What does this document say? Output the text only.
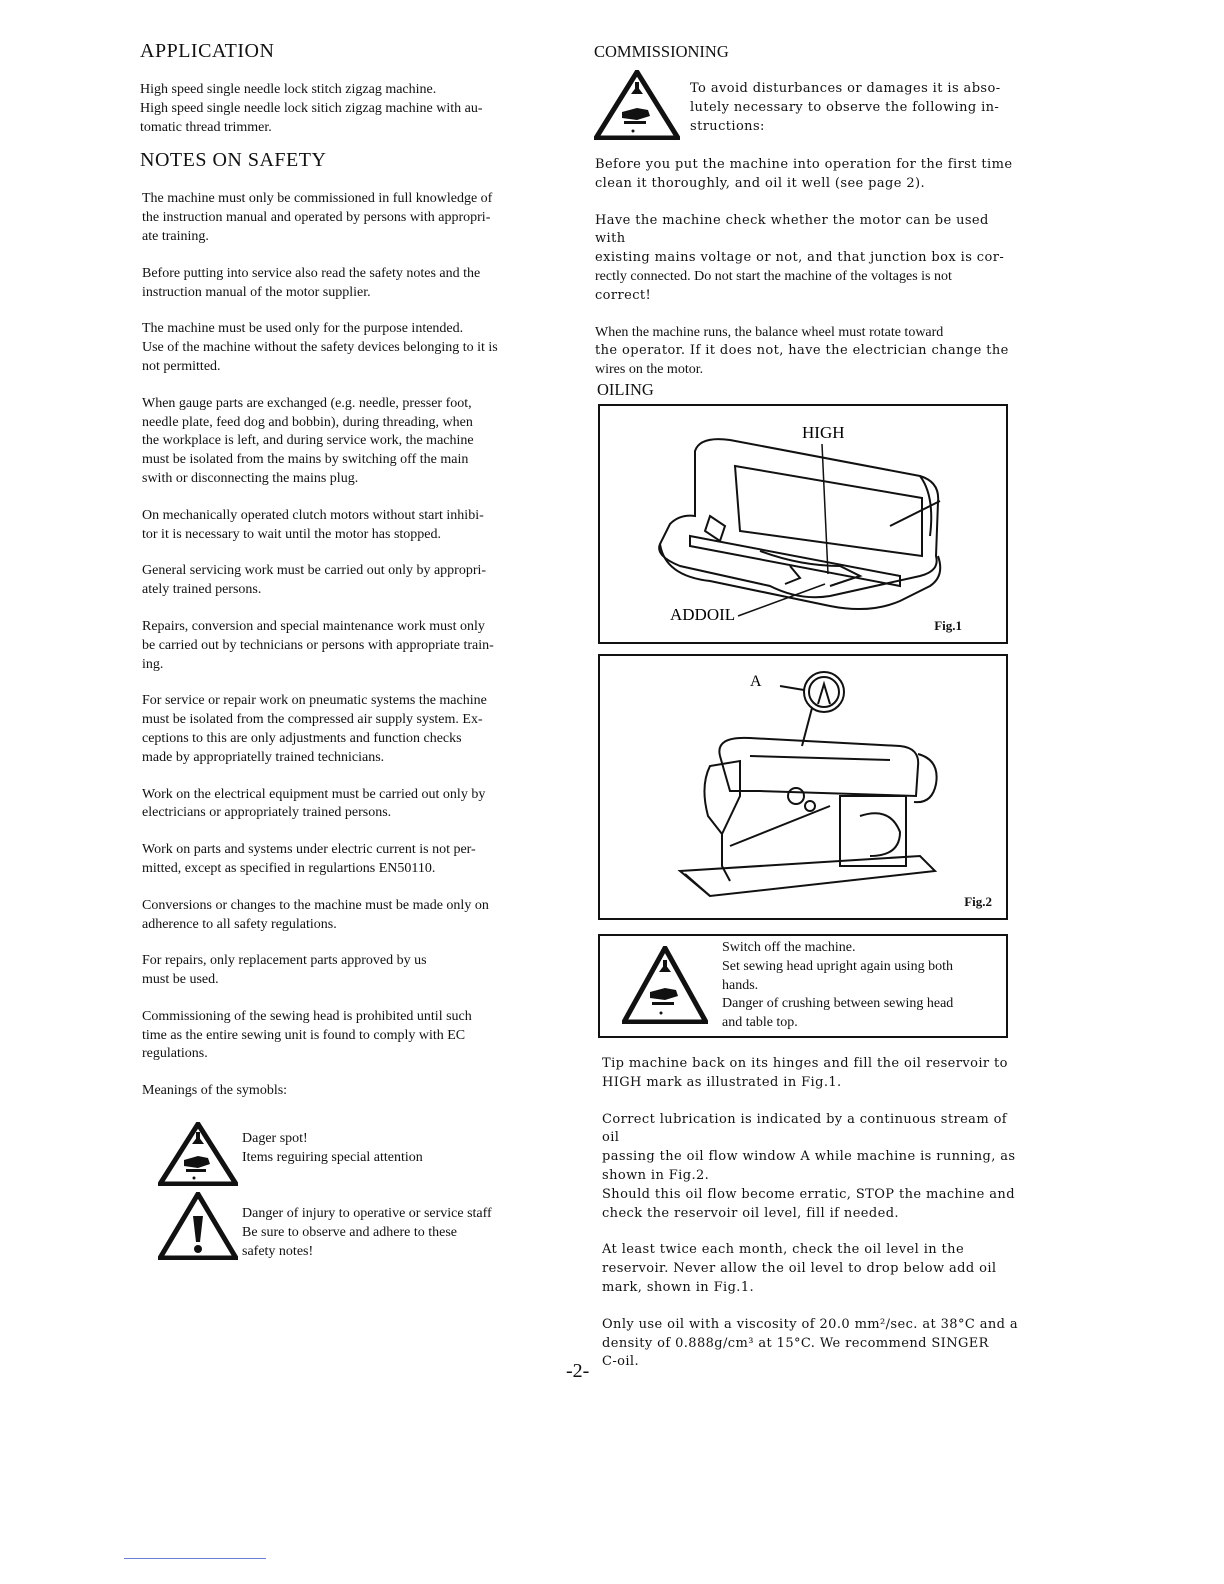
APPLICATION

High speed single needle lock stitch zigzag machine.

High speed single needle lock sitich zigzag machine with au-

tomatic thread trimmer.

NOTES ON SAFETY

The machine must only be commissioned in full knowledge of

the instruction manual and operated by persons with appropri-

ate training.

Before putting into service also read the safety notes and the

instruction manual of the motor supplier.

The machine must be used only for the purpose intended.

Use of the machine without the safety devices belonging to it is

not permitted.

When gauge parts are exchanged (e.g. needle, presser foot,

needle plate, feed dog and bobbin), during threading, when

the workplace is left, and during service work, the machine

must be isolated from the mains by switching off the main

swith or disconnecting the mains plug.

On mechanically operated clutch motors without start inhibi-

tor it is necessary to wait until the motor has stopped.

General servicing work must be carried out only by appropri-

ately trained persons.

Repairs, conversion and special maintenance work must only

be carried out by technicians or persons with appropriate train-

ing.

For service or repair work on pneumatic systems the machine

must be isolated from the compressed air supply system. Ex-

ceptions to this are only adjustments and function checks

made by appropriatelly trained technicians.

Work on the electrical equipment must be carried out only by

electricians or appropriately trained persons.

Work on parts and systems under electric current is not per-

mitted, except as specified in regulartions EN50110.

Conversions or changes to the machine must be made only on

adherence to all safety regulations.

For repairs, only replacement parts approved by us

must be used.

Commissioning of the sewing head is prohibited until such

time as the entire sewing unit is found to comply with EC

regulations.

Meanings of the symobls:

Dager spot!

Items reguiring special attention

Danger of injury to operative or service staff

Be sure to observe and adhere to these

safety notes!

COMMISSIONING

To avoid disturbances or damages it is abso-

lutely necessary to observe the following in-

structions:

Before you put the machine into operation for the first time

clean it thoroughly, and oil it well (see page 2).

Have the machine check whether the motor can be used with

existing mains voltage or not, and that junction box is cor-

rectly connected. Do not start the machine of the voltages is not

correct!

When the machine runs, the balance wheel must rotate toward

the operator. If it does not, have the electrician change the

wires on the motor.

OILING
HIGH
ADDOIL
Fig.1
A
Fig.2

Switch off the machine.

Set sewing head upright again using both

hands.

Danger of crushing between sewing head

and table top.

Tip machine back on its hinges and fill the oil reservoir to

HIGH mark as illustrated in Fig.1.

Correct lubrication is indicated by a continuous stream of oil

passing the oil flow window A while machine is running, as

shown in Fig.2.

Should this oil flow become erratic, STOP the machine and

check the reservoir oil level, fill if needed.

At least twice each month, check the oil level in the

reservoir. Never allow the oil level to drop below add oil

mark, shown in Fig.1.

Only use oil with a viscosity of 20.0 mm²/sec. at 38°C and a

density of 0.888g/cm³ at 15°C. We recommend SINGER

C-oil.

-2-
